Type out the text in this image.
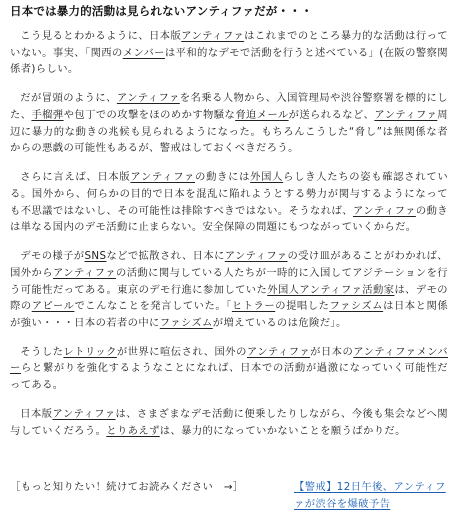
日本では暴力的活動は見られないアンティファだが・・・

こう見るとわかるように、日本版アンティファはこれまでのところ暴力的な活動は行っていない。事実、「関西のメンバーは平和的なデモで活動を行うと述べている」(在阪の警察関係者)らしい。

だが冒頭のように、アンティファを名乗る人物から、入国管理局や渋谷警察署を標的にした、手榴弾や包丁での攻撃をほのめかす物騒な脅迫メールが送られるなど、アンティファ周辺に暴力的な動きの兆候も見られるようになった。もちろんこうした“脅し”は無関係な者からの悪戯の可能性もあるが、警戒はしておくべきだろう。

さらに言えば、日本版アンティファの動きには外国人らしき人たちの姿も確認されている。国外から、何らかの目的で日本を混乱に陥れようとする勢力が関与するようになっても不思議ではないし、その可能性は排除すべきではない。そうなれば、アンティファの動きは単なる国内のデモ活動に止まらない。安全保障の問題にもつながっていくからだ。

デモの様子がSNSなどで拡散され、日本にアンティファの受け皿があることがわかれば、国外からアンティファの活動に関与している人たちが一時的に入国してアジテーションを行う可能性だってある。東京のデモ行進に参加していた外国人アンティファ活動家は、デモの際のアピールでこんなことを発言していた。「ヒトラーの提唱したファシズムは日本と関係が強い・・・日本の若者の中にファシズムが増えているのは危険だ」。

そうしたレトリックが世界に喧伝され、国外のアンティファが日本のアンティファメンバーらと繋がりを強化するようなことになれば、日本での活動が過激になっていく可能性だってある。

日本版アンティファは、さまざまなデモ活動に便乗したりしながら、今後も集会などへ関与していくだろう。とりあえずは、暴力的になっていかないことを願うばかりだ。

［もっと知りたい！続けてお読みください　→］	【警戒】12日午後、アンティファが渋谷を爆破予告
